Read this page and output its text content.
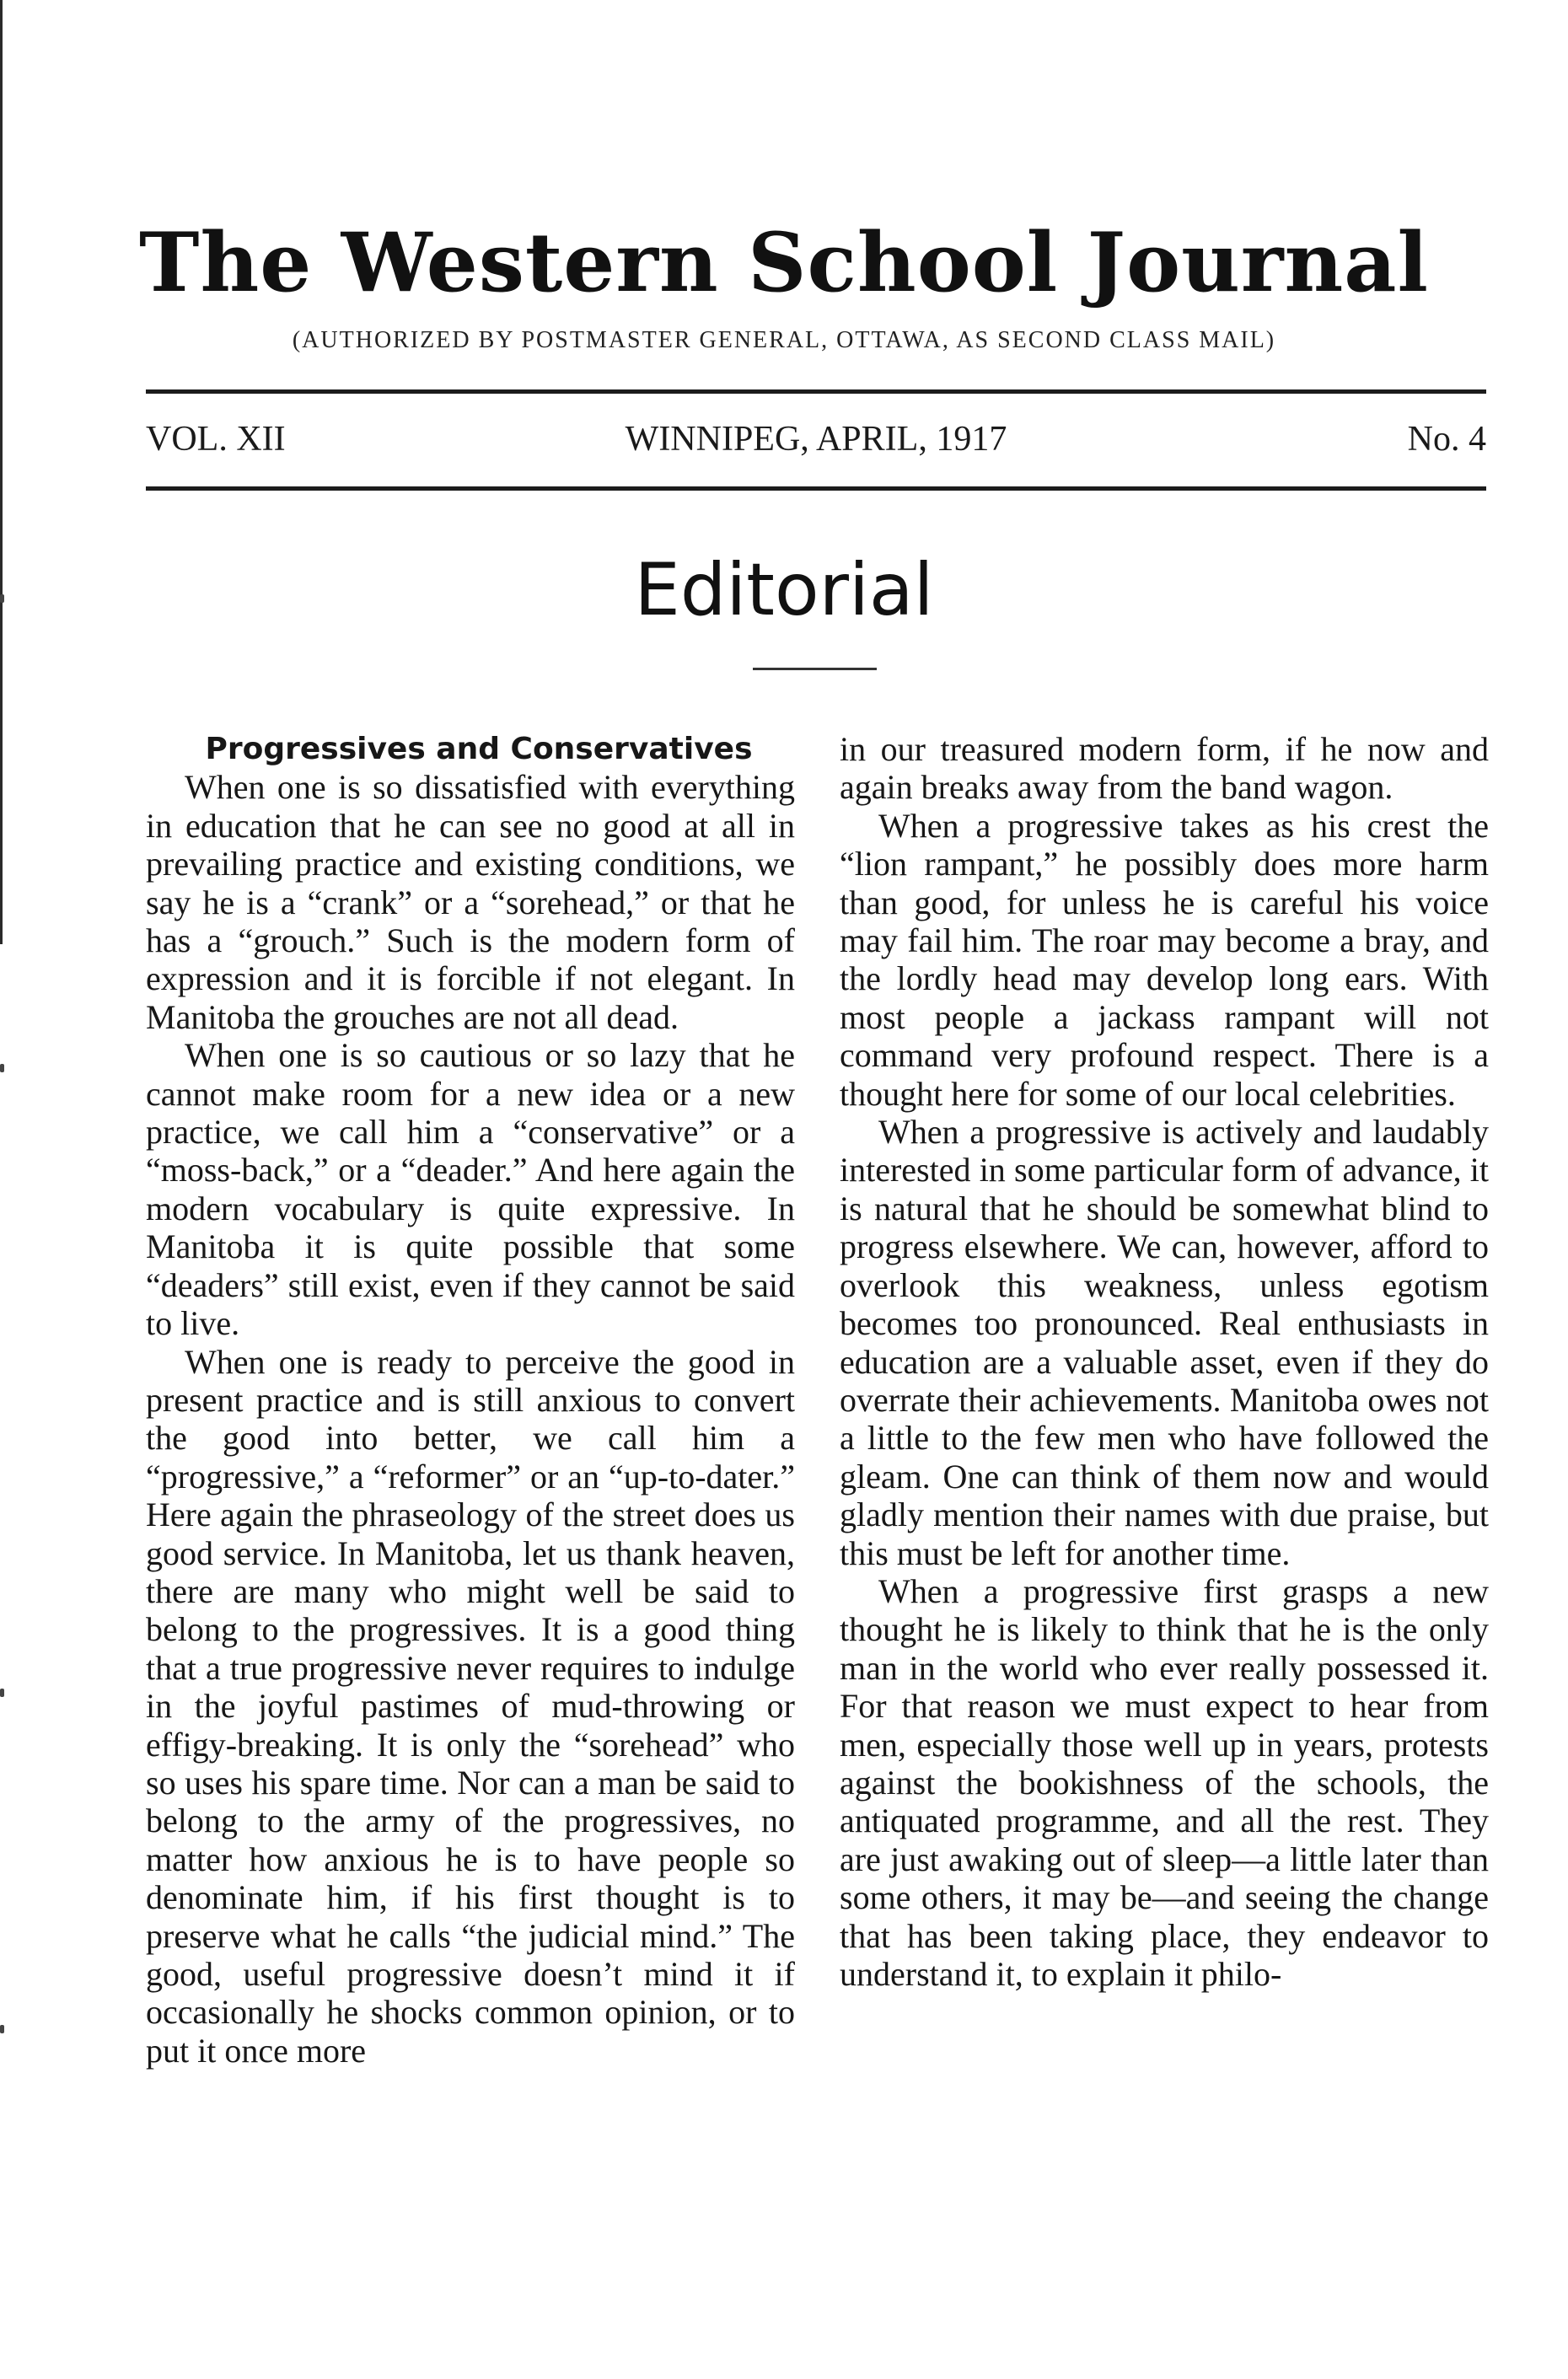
The Western School Journal
(AUTHORIZED BY POSTMASTER GENERAL, OTTAWA, AS SECOND CLASS MAIL)
VOL. XII	WINNIPEG, APRIL, 1917	No. 4
Editorial

Progressives and Conservatives

When one is so dissatisfied with everything in education that he can see no good at all in prevailing practice and existing conditions, we say he is a “crank” or a “sorehead,” or that he has a “grouch.” Such is the modern form of expression and it is forcible if not elegant. In Manitoba the grouches are not all dead.

When one is so cautious or so lazy that he cannot make room for a new idea or a new practice, we call him a “conservative” or a “moss-back,” or a “deader.” And here again the modern vocabulary is quite expressive. In Manitoba it is quite possible that some “deaders” still exist, even if they cannot be said to live.

When one is ready to perceive the good in present practice and is still anxious to convert the good into better, we call him a “progressive,” a “reformer” or an “up-to-dater.” Here again the phraseology of the street does us good service. In Manitoba, let us thank heaven, there are many who might well be said to belong to the progressives. It is a good thing that a true progressive never requires to indulge in the joyful pastimes of mud-throwing or effigy-breaking. It is only the “sorehead” who so uses his spare time. Nor can a man be said to belong to the army of the progressives, no matter how anxious he is to have people so denominate him, if his first thought is to preserve what he calls “the judicial mind.” The good, useful progressive doesn’t mind it if occasionally he shocks common opinion, or to put it once more

in our treasured modern form, if he now and again breaks away from the band wagon.

When a progressive takes as his crest the “lion rampant,” he possibly does more harm than good, for unless he is careful his voice may fail him. The roar may become a bray, and the lordly head may develop long ears. With most people a jackass rampant will not command very profound respect. There is a thought here for some of our local celebrities.

When a progressive is actively and laudably interested in some particular form of advance, it is natural that he should be somewhat blind to progress elsewhere. We can, however, afford to overlook this weakness, unless egotism becomes too pronounced. Real enthusiasts in education are a valuable asset, even if they do overrate their achievements. Manitoba owes not a little to the few men who have followed the gleam. One can think of them now and would gladly mention their names with due praise, but this must be left for another time.

When a progressive first grasps a new thought he is likely to think that he is the only man in the world who ever really possessed it. For that reason we must expect to hear from men, especially those well up in years, protests against the bookishness of the schools, the antiquated programme, and all the rest. They are just awaking out of sleep—a little later than some others, it may be—and seeing the change that has been taking place, they endeavor to understand it, to explain it philo-
